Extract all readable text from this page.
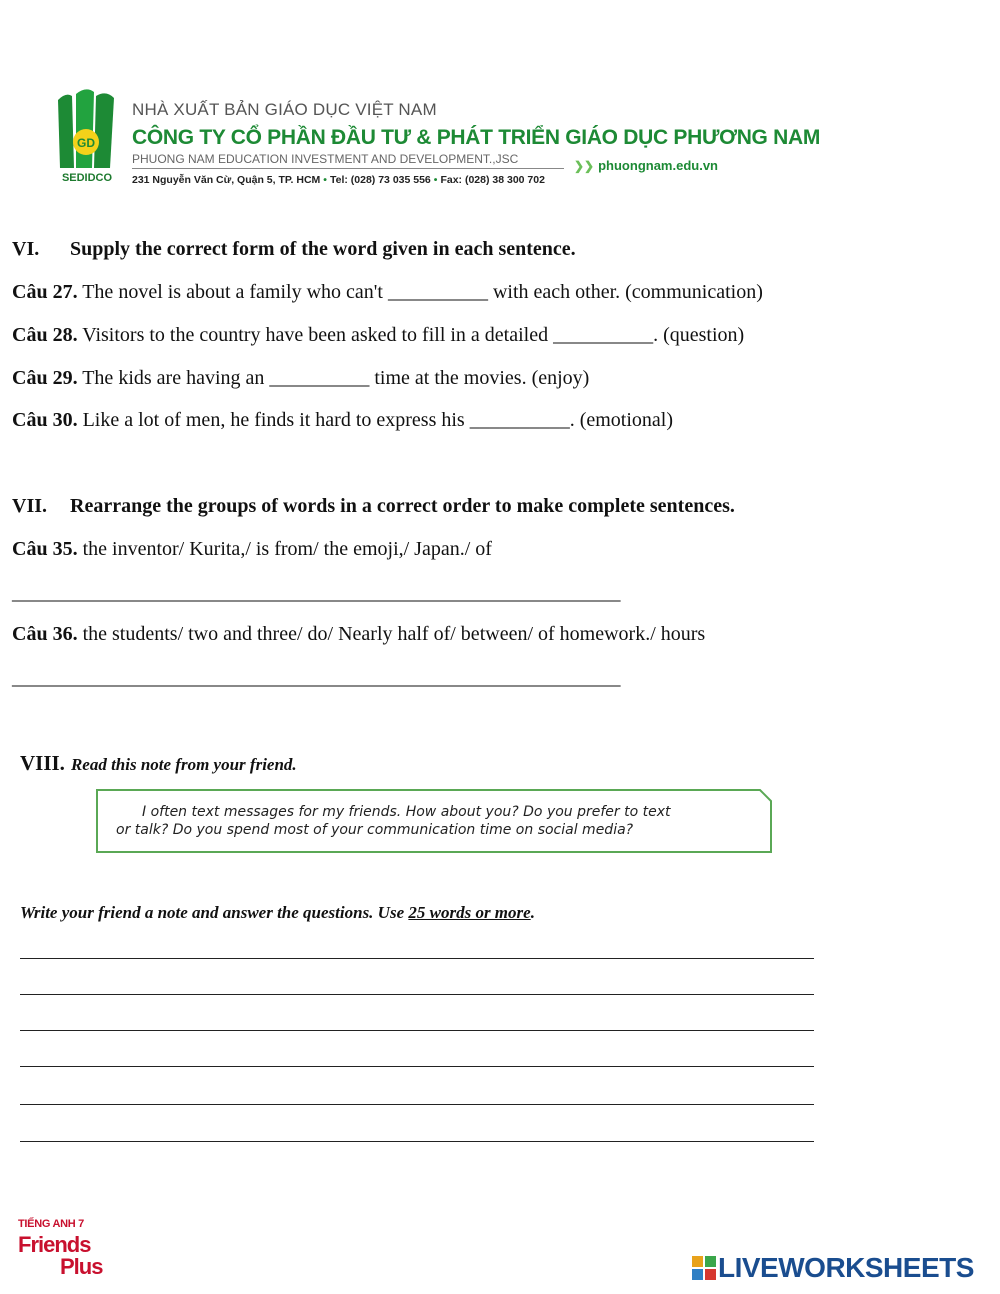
GD
SEDIDCO
NHÀ XUẤT BẢN GIÁO DỤC VIỆT NAM
CÔNG TY CỔ PHẦN ĐẦU TƯ & PHÁT TRIỂN GIÁO DỤC PHƯƠNG NAM
PHUONG NAM EDUCATION INVESTMENT AND DEVELOPMENT.,JSC	❯❯ phuongnam.edu.vn
231 Nguyễn Văn Cừ, Quận 5, TP. HCM • Tel: (028) 73 035 556 • Fax: (028) 38 300 702
VI. Supply the correct form of the word given in each sentence.
Câu 27. The novel is about a family who can't __________ with each other. (communication)
Câu 28. Visitors to the country have been asked to fill in a detailed __________. (question)
Câu 29. The kids are having an __________ time at the movies. (enjoy)
Câu 30. Like a lot of men, he finds it hard to express his __________. (emotional)
VII. Rearrange the groups of words in a correct order to make complete sentences.
Câu 35. the inventor/ Kurita,/ is from/ the emoji,/ Japan./ of
________________________________________________________________
Câu 36. the students/ two and three/ do/ Nearly half of/ between/ of homework./ hours
________________________________________________________________
VIII. Read this note from your friend.
I often text messages for my friends. How about you? Do you prefer to text
or talk? Do you spend most of your communication time on social media?
Write your friend a note and answer the questions. Use 25 words or more.
TIẾNG ANH 7
Friends
Plus	LIVEWORKSHEETS
